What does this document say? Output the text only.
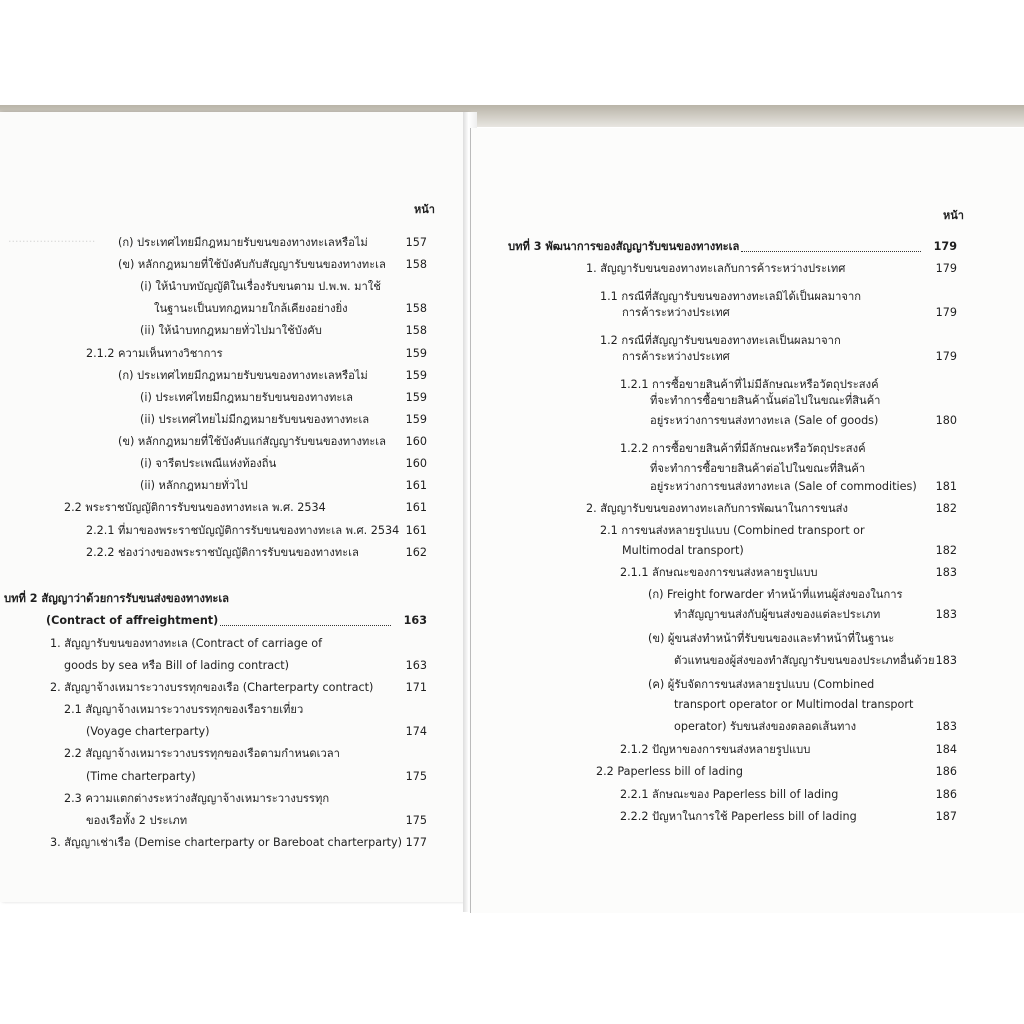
.........................
หน้า	หน้า
(ก) ประเทศไทยมีกฎหมายรับขนของทางทะเลหรือไม่	157
(ข) หลักกฎหมายที่ใช้บังคับกับสัญญารับขนของทางทะเล	158
(i) ให้นำบทบัญญัติในเรื่องรับขนตาม ป.พ.พ. มาใช้
ในฐานะเป็นบทกฎหมายใกล้เคียงอย่างยิ่ง	158
(ii) ให้นำบทกฎหมายทั่วไปมาใช้บังคับ	158
2.1.2 ความเห็นทางวิชาการ	159
(ก) ประเทศไทยมีกฎหมายรับขนของทางทะเลหรือไม่	159
(i) ประเทศไทยมีกฎหมายรับขนของทางทะเล	159
(ii) ประเทศไทยไม่มีกฎหมายรับขนของทางทะเล	159
(ข) หลักกฎหมายที่ใช้บังคับแก่สัญญารับขนของทางทะเล	160
(i) จารีตประเพณีแห่งท้องถิ่น	160
(ii) หลักกฎหมายทั่วไป	161
2.2 พระราชบัญญัติการรับขนของทางทะเล พ.ศ. 2534	161
2.2.1 ที่มาของพระราชบัญญัติการรับขนของทางทะเล พ.ศ. 2534 161
2.2.2 ช่องว่างของพระราชบัญญัติการรับขนของทางทะเล	162
บทที่ 2 สัญญาว่าด้วยการรับขนส่งของทางทะเล
(Contract of affreightment)	163
1. สัญญารับขนของทางทะเล (Contract of carriage of
goods by sea หรือ Bill of lading contract)	163
2. สัญญาจ้างเหมาระวางบรรทุกของเรือ (Charterparty contract)	171
2.1 สัญญาจ้างเหมาระวางบรรทุกของเรือรายเที่ยว
(Voyage charterparty)	174
2.2 สัญญาจ้างเหมาระวางบรรทุกของเรือตามกำหนดเวลา
(Time charterparty)	175
2.3 ความแตกต่างระหว่างสัญญาจ้างเหมาระวางบรรทุก
ของเรือทั้ง 2 ประเภท	175
3. สัญญาเช่าเรือ (Demise charterparty or Bareboat charterparty) 177
บทที่ 3 พัฒนาการของสัญญารับขนของทางทะเล	179
1. สัญญารับขนของทางทะเลกับการค้าระหว่างประเทศ	179
1.1 กรณีที่สัญญารับขนของทางทะเลมิได้เป็นผลมาจาก
การค้าระหว่างประเทศ	179
1.2 กรณีที่สัญญารับขนของทางทะเลเป็นผลมาจาก
การค้าระหว่างประเทศ	179
1.2.1 การซื้อขายสินค้าที่ไม่มีลักษณะหรือวัตถุประสงค์
ที่จะทำการซื้อขายสินค้านั้นต่อไปในขณะที่สินค้า
อยู่ระหว่างการขนส่งทางทะเล (Sale of goods)	180
1.2.2 การซื้อขายสินค้าที่มีลักษณะหรือวัตถุประสงค์
ที่จะทำการซื้อขายสินค้าต่อไปในขณะที่สินค้า
อยู่ระหว่างการขนส่งทางทะเล (Sale of commodities)	181
2. สัญญารับขนของทางทะเลกับการพัฒนาในการขนส่ง	182
2.1 การขนส่งหลายรูปแบบ (Combined transport or
Multimodal transport)	182
2.1.1 ลักษณะของการขนส่งหลายรูปแบบ	183
(ก) Freight forwarder ทำหน้าที่แทนผู้ส่งของในการ
ทำสัญญาขนส่งกับผู้ขนส่งของแต่ละประเภท	183
(ข) ผู้ขนส่งทำหน้าที่รับขนของและทำหน้าที่ในฐานะ
ตัวแทนของผู้ส่งของทำสัญญารับขนของประเภทอื่นด้วย 183
(ค) ผู้รับจัดการขนส่งหลายรูปแบบ (Combined
transport operator or Multimodal transport
operator) รับขนส่งของตลอดเส้นทาง	183
2.1.2 ปัญหาของการขนส่งหลายรูปแบบ	184
2.2 Paperless bill of lading	186
2.2.1 ลักษณะของ Paperless bill of lading	186
2.2.2 ปัญหาในการใช้ Paperless bill of lading	187
